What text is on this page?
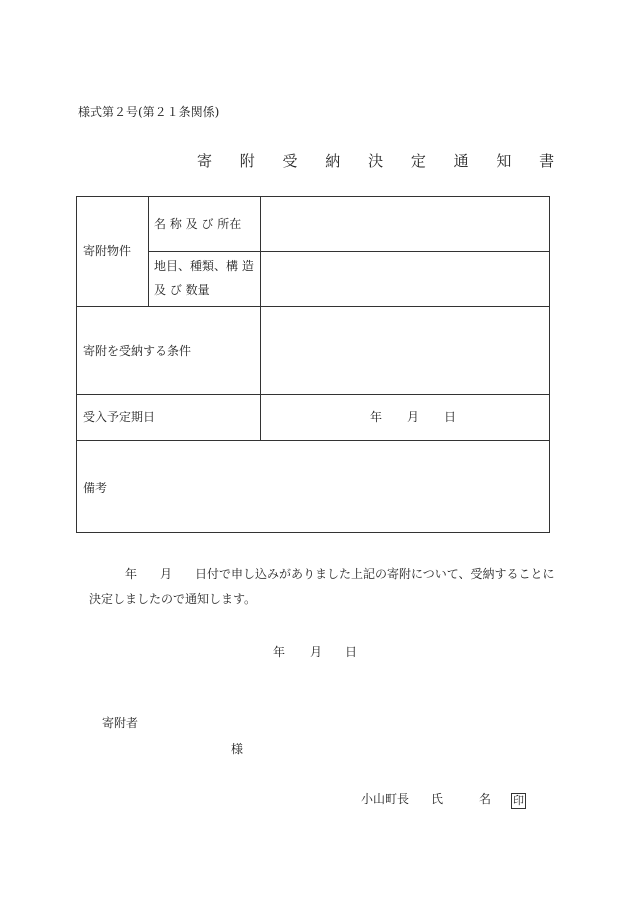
様式第２号(第２１条関係)
寄 附 受 納 決 定 通 知 書
寄附物件
名 称 及 び 所在
地目、種類、構 造
及 び 数量
寄附を受納する条件
受入予定期日	年 月 日
備考
年 月 日付で申し込みがありました上記の寄附について、受納することに
決定しましたので通知します。
年 月 日
寄附者
様
小山町長 氏	名 印
